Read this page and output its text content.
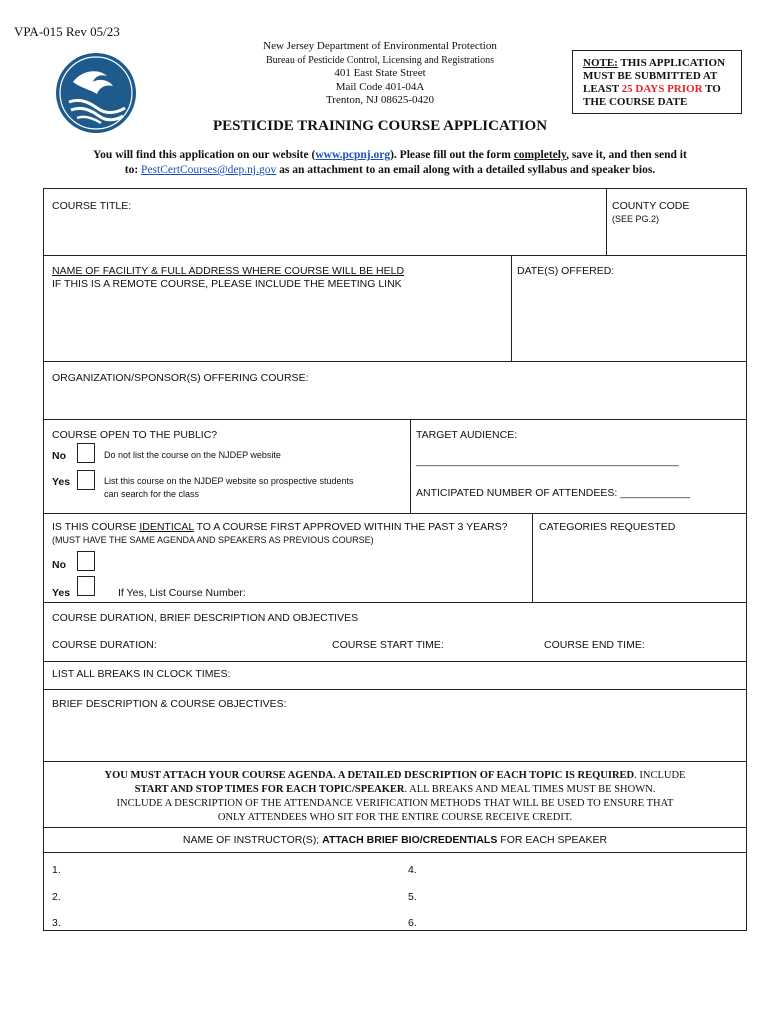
VPA-015 Rev 05/23
New Jersey Department of Environmental Protection
Bureau of Pesticide Control, Licensing and Registrations
401 East State Street
Mail Code 401-04A
Trenton, NJ 08625-0420
NOTE: THIS APPLICATION
MUST BE SUBMITTED AT
LEAST 25 DAYS PRIOR TO
THE COURSE DATE
PESTICIDE TRAINING COURSE APPLICATION
You will find this application on our website (www.pcpnj.org). Please fill out the form completely, save it, and then send it
to: PestCertCourses@dep.nj.gov as an attachment to an email along with a detailed syllabus and speaker bios.
COURSE TITLE:	COUNTY CODE
(SEE PG.2)
NAME OF FACILITY & FULL ADDRESS WHERE COURSE WILL BE HELD
IF THIS IS A REMOTE COURSE, PLEASE INCLUDE THE MEETING LINK
DATE(S) OFFERED:
ORGANIZATION/SPONSOR(S) OFFERING COURSE:
COURSE OPEN TO THE PUBLIC?
No	Do not list the course on the NJDEP website
Yes	List this course on the NJDEP website so prospective students
can search for the class
TARGET AUDIENCE:
_____________________________________________
ANTICIPATED NUMBER OF ATTENDEES: ____________
IS THIS COURSE IDENTICAL TO A COURSE FIRST APPROVED WITHIN THE PAST 3 YEARS?
(MUST HAVE THE SAME AGENDA AND SPEAKERS AS PREVIOUS COURSE)
No
Yes	If Yes, List Course Number:
CATEGORIES REQUESTED
COURSE DURATION, BRIEF DESCRIPTION AND OBJECTIVES
COURSE DURATION:	COURSE START TIME:	COURSE END TIME:
LIST ALL BREAKS IN CLOCK TIMES:
BRIEF DESCRIPTION & COURSE OBJECTIVES:
YOU MUST ATTACH YOUR COURSE AGENDA. A DETAILED DESCRIPTION OF EACH TOPIC IS REQUIRED. INCLUDE
START AND STOP TIMES FOR EACH TOPIC/SPEAKER. ALL BREAKS AND MEAL TIMES MUST BE SHOWN.
INCLUDE A DESCRIPTION OF THE ATTENDANCE VERIFICATION METHODS THAT WILL BE USED TO ENSURE THAT
ONLY ATTENDEES WHO SIT FOR THE ENTIRE COURSE RECEIVE CREDIT.
NAME OF INSTRUCTOR(S); ATTACH BRIEF BIO/CREDENTIALS FOR EACH SPEAKER
1.
2.
3.
4.
5.
6.
